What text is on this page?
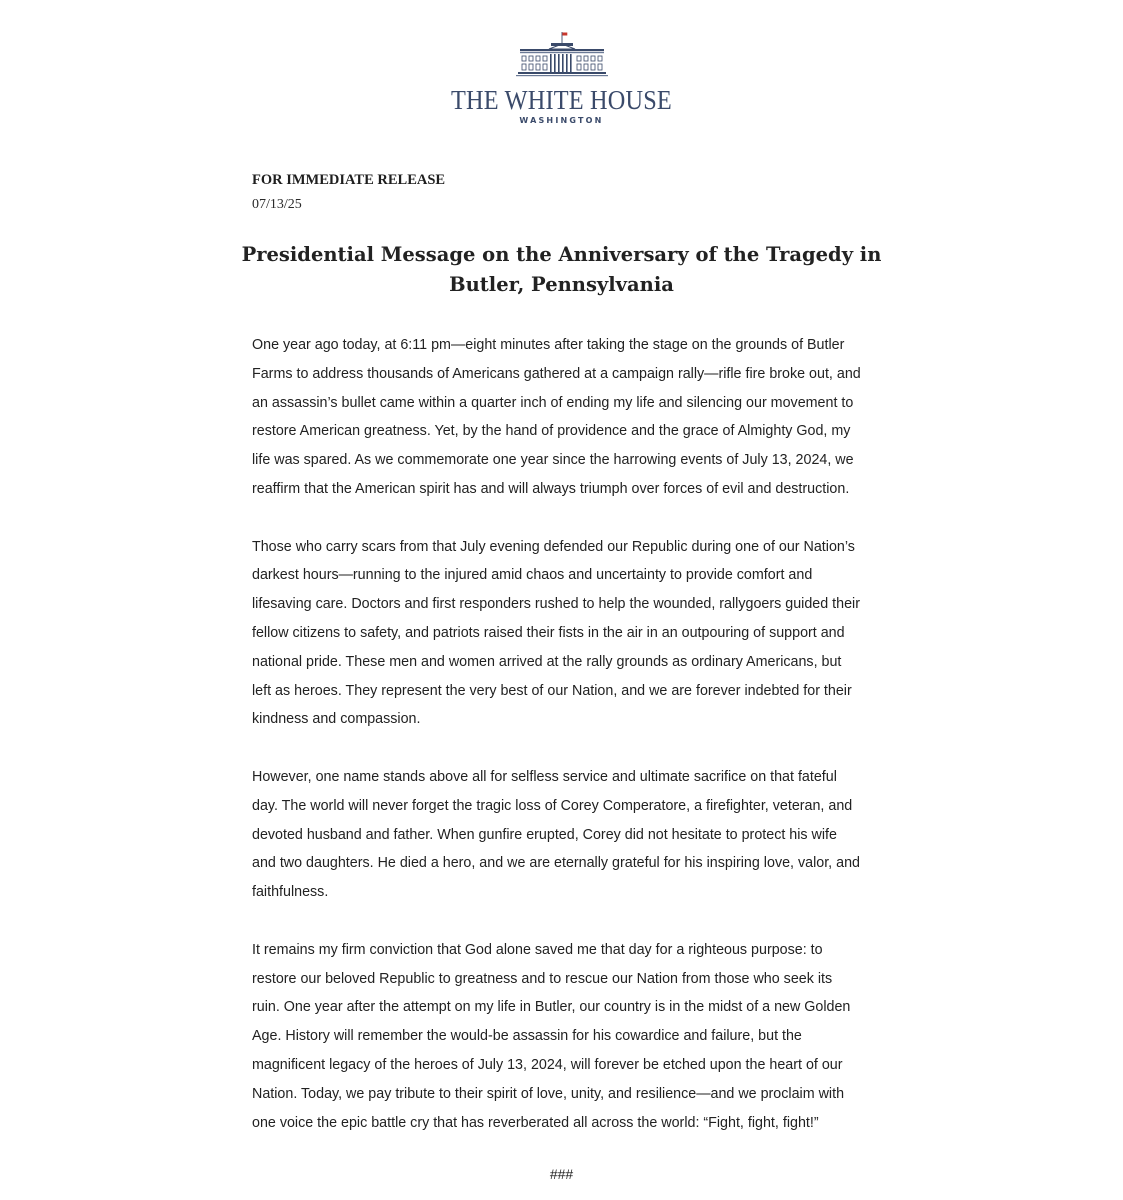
THE WHITE HOUSE
WASHINGTON
FOR IMMEDIATE RELEASE
07/13/25
Presidential Message on the Anniversary of the Tragedy in
Butler, Pennsylvania

One year ago today, at 6:11 pm—eight minutes after taking the stage on the grounds of Butler
Farms to address thousands of Americans gathered at a campaign rally—rifle fire broke out, and
an assassin’s bullet came within a quarter inch of ending my life and silencing our movement to
restore American greatness. Yet, by the hand of providence and the grace of Almighty God, my
life was spared. As we commemorate one year since the harrowing events of July 13, 2024, we
reaffirm that the American spirit has and will always triumph over forces of evil and destruction.

Those who carry scars from that July evening defended our Republic during one of our Nation’s
darkest hours—running to the injured amid chaos and uncertainty to provide comfort and
lifesaving care. Doctors and first responders rushed to help the wounded, rallygoers guided their
fellow citizens to safety, and patriots raised their fists in the air in an outpouring of support and
national pride. These men and women arrived at the rally grounds as ordinary Americans, but
left as heroes. They represent the very best of our Nation, and we are forever indebted for their
kindness and compassion.

However, one name stands above all for selfless service and ultimate sacrifice on that fateful
day. The world will never forget the tragic loss of Corey Comperatore, a firefighter, veteran, and
devoted husband and father. When gunfire erupted, Corey did not hesitate to protect his wife
and two daughters. He died a hero, and we are eternally grateful for his inspiring love, valor, and
faithfulness.

It remains my firm conviction that God alone saved me that day for a righteous purpose: to
restore our beloved Republic to greatness and to rescue our Nation from those who seek its
ruin. One year after the attempt on my life in Butler, our country is in the midst of a new Golden
Age. History will remember the would-be assassin for his cowardice and failure, but the
magnificent legacy of the heroes of July 13, 2024, will forever be etched upon the heart of our
Nation. Today, we pay tribute to their spirit of love, unity, and resilience—and we proclaim with
one voice the epic battle cry that has reverberated all across the world: “Fight, fight, fight!”

###
